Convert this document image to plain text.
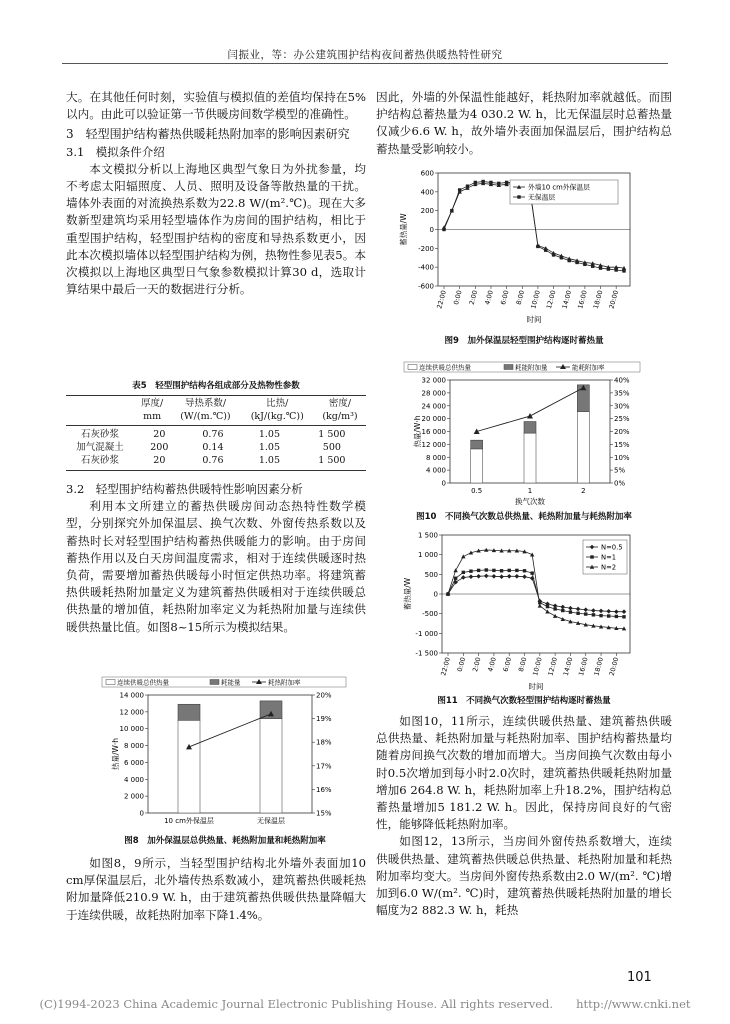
闫振业，等：办公建筑围护结构夜间蓄热供暖热特性研究

大。在其他任何时刻，实验值与模拟值的差值均保持在5%以内。由此可以验证第一节供暖房间数学模型的准确性。

3　轻型围护结构蓄热供暖耗热附加率的影响因素研究

3.1　模拟条件介绍

本文模拟分析以上海地区典型气象日为外扰参量，均不考虑太阳辐照度、人员、照明及设备等散热量的干扰。墙体外表面的对流换热系数为22.8 W/(m².℃)。现在大多数新型建筑均采用轻型墙体作为房间的围护结构，相比于重型围护结构，轻型围护结构的密度和导热系数更小，因此本次模拟墙体以轻型围护结构为例，热物性参见表5。本次模拟以上海地区典型日气象参数模拟计算30 d，选取计算结果中最后一天的数据进行分析。

表5　轻型围护结构各组成部分及热物性参数
	厚度/	导热系数/	比热/	密度/
	mm	(W/(m.℃))	(kJ/(kg.℃))	(kg/m³)
石灰砂浆	20	0.76	1.05	1 500
加气混凝土	200	0.14	1.05	500
石灰砂浆	20	0.76	1.05	1 500

3.2　轻型围护结构蓄热供暖特性影响因素分析

利用本文所建立的蓄热供暖房间动态热特性数学模型，分别探究外加保温层、换气次数、外窗传热系数以及蓄热时长对轻型围护结构蓄热供暖能力的影响。由于房间蓄热作用以及白天房间温度需求，相对于连续供暖逐时热负荷，需要增加蓄热供暖每小时恒定供热功率。将建筑蓄热供暖耗热附加量定义为建筑蓄热供暖相对于连续供暖总供热量的增加值，耗热附加率定义为耗热附加量与连续供暖供热量比值。如图8~15所示为模拟结果。

0
2 000
4 000
6 000
8 000
10 000
12 000
14 000
15%
16%
17%
18%
19%
20%
10 cm外保温层	无保温层
热量/W·h
连续供暖总供热量	耗能量	耗热附加率
图8　加外保温层总供热量、耗热附加量和耗热附加率

如图8，9所示，当轻型围护结构北外墙外表面加10 cm厚保温层后，北外墙传热系数减小，建筑蓄热供暖耗热附加量降低210.9 W. h，由于建筑蓄热供暖供热量降幅大于连续供暖，故耗热附加率下降1.4%。

因此，外墙的外保温性能越好，耗热附加率就越低。而围护结构总蓄热量为4 030.2 W. h，比无保温层时总蓄热量仅减少6.6 W. h，故外墙外表面加保温层后，围护结构总蓄热量受影响较小。

-600
-400
-200
0
200
400
600
22:00 0:00 2:00 4:00 6:00 8:00 10:00 12:00 14:00 16:00 18:00 20:00
外墙10 cm外保温层
无保温层
蓄热量/W
时间
图9　加外保温层轻型围护结构逐时蓄热量
0
4 000
8 000
12 000
16 000
20 000
24 000
28 000
32 000
0%
5%
10%
15%
20%
25%
30%
35%
40%
0.5	1	2
热量/W·h
换气次数
连续供暖总供热量	耗能附加量	能耗附加率
图10　不同换气次数总供热量、耗热附加量与耗热附加率
-1 500
-1 000
-500
0
500
1 000
1 500
22:00 0:00 2:00 4:00 6:00 8:00 10:00 12:00 14:00 16:00 18:00 20:00
N=0.5
N=1
N=2
蓄热量/W
时间
图11　不同换气次数轻型围护结构逐时蓄热量

如图10，11所示，连续供暖供热量、建筑蓄热供暖总供热量、耗热附加量与耗热附加率、围护结构蓄热量均随着房间换气次数的增加而增大。当房间换气次数由每小时0.5次增加到每小时2.0次时，建筑蓄热供暖耗热附加量增加6 264.8 W. h，耗热附加率上升18.2%，围护结构总蓄热量增加5 181.2 W. h。因此，保持房间良好的气密性，能够降低耗热附加率。

如图12，13所示，当房间外窗传热系数增大，连续供暖供热量、建筑蓄热供暖总供热量、耗热附加量和耗热附加率均变大。当房间外窗传热系数由2.0 W/(m². ℃)增加到6.0 W/(m². ℃)时，建筑蓄热供暖耗热附加量的增长幅度为2 882.3 W. h，耗热

101
(C)1994-2023 China Academic Journal Electronic Publishing House. All rights reserved.　　http://www.cnki.net
